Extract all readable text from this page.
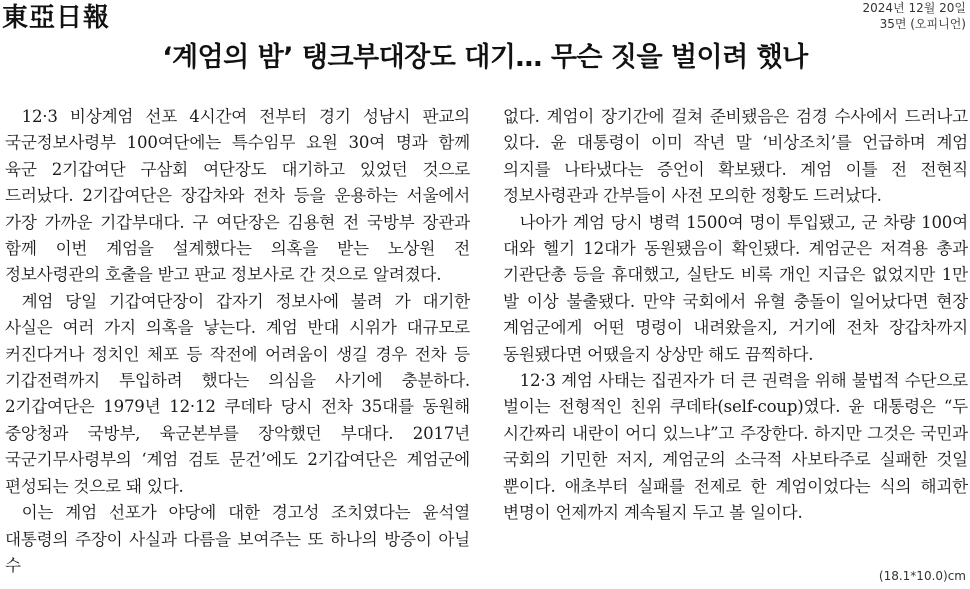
東亞日報	2024년 12월 20일
35면 (오피니언)
‘계엄의 밤’ 탱크부대장도 대기… 무슨 짓을 벌이려 했나

12·3 비상계엄 선포 4시간여 전부터 경기 성남시 판교의 국군정보사령부 100여단에는 특수임무 요원 30여 명과 함께 육군 2기갑여단 구삼회 여단장도 대기하고 있었던 것으로 드러났다. 2기갑여단은 장갑차와 전차 등을 운용하는 서울에서 가장 가까운 기갑부대다. 구 여단장은 김용현 전 국방부 장관과 함께 이번 계엄을 설계했다는 의혹을 받는 노상원 전 정보사령관의 호출을 받고 판교 정보사로 간 것으로 알려졌다.

계엄 당일 기갑여단장이 갑자기 정보사에 불려 가 대기한 사실은 여러 가지 의혹을 낳는다. 계엄 반대 시위가 대규모로 커진다거나 정치인 체포 등 작전에 어려움이 생길 경우 전차 등 기갑전력까지 투입하려 했다는 의심을 사기에 충분하다. 2기갑여단은 1979년 12·12 쿠데타 당시 전차 35대를 동원해 중앙청과 국방부, 육군본부를 장악했던 부대다. 2017년 국군기무사령부의 ‘계엄 검토 문건’에도 2기갑여단은 계엄군에 편성되는 것으로 돼 있다.

이는 계엄 선포가 야당에 대한 경고성 조치였다는 윤석열 대통령의 주장이 사실과 다름을 보여주는 또 하나의 방증이 아닐 수

없다. 계엄이 장기간에 걸쳐 준비됐음은 검경 수사에서 드러나고 있다. 윤 대통령이 이미 작년 말 ‘비상조치’를 언급하며 계엄 의지를 나타냈다는 증언이 확보됐다. 계엄 이틀 전 전현직 정보사령관과 간부들이 사전 모의한 정황도 드러났다.

나아가 계엄 당시 병력 1500여 명이 투입됐고, 군 차량 100여 대와 헬기 12대가 동원됐음이 확인됐다. 계엄군은 저격용 총과 기관단총 등을 휴대했고, 실탄도 비록 개인 지급은 없었지만 1만 발 이상 불출됐다. 만약 국회에서 유혈 충돌이 일어났다면 현장 계엄군에게 어떤 명령이 내려왔을지, 거기에 전차 장갑차까지 동원됐다면 어땠을지 상상만 해도 끔찍하다.

12·3 계엄 사태는 집권자가 더 큰 권력을 위해 불법적 수단으로 벌이는 전형적인 친위 쿠데타(self-coup)였다. 윤 대통령은 “두 시간짜리 내란이 어디 있느냐”고 주장한다. 하지만 그것은 국민과 국회의 기민한 저지, 계엄군의 소극적 사보타주로 실패한 것일 뿐이다. 애초부터 실패를 전제로 한 계엄이었다는 식의 해괴한 변명이 언제까지 계속될지 두고 볼 일이다.

(18.1*10.0)cm
